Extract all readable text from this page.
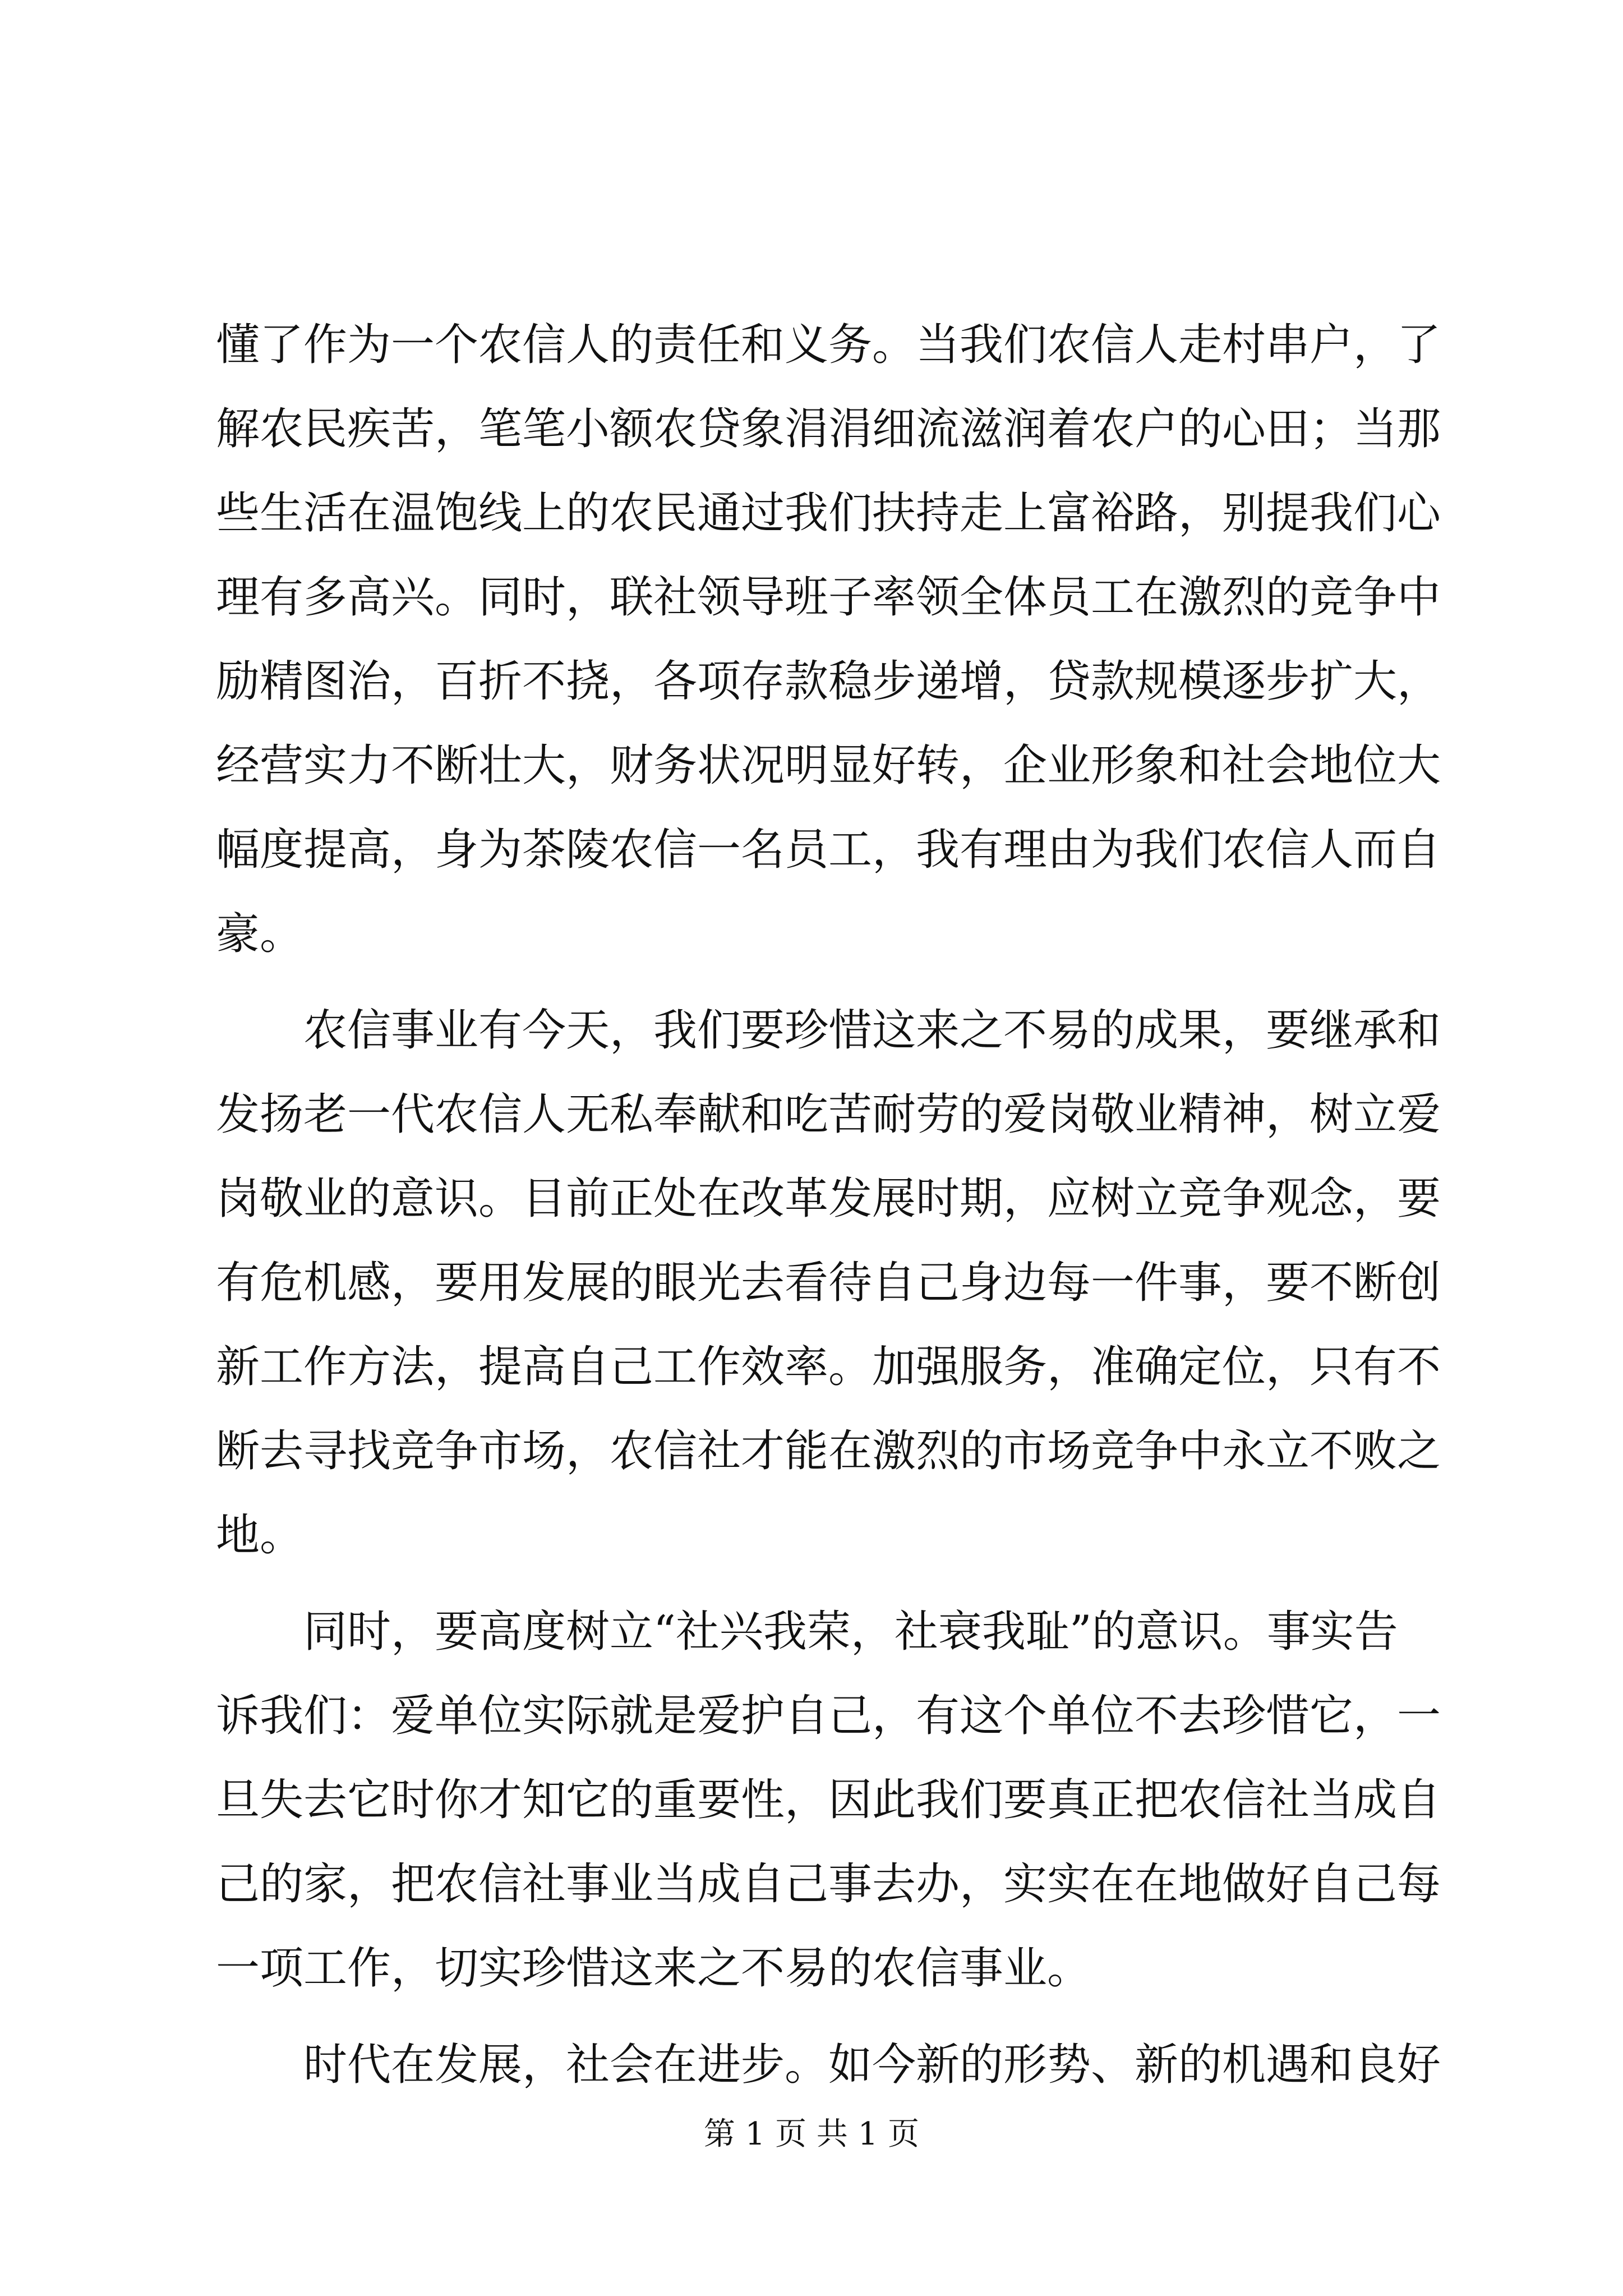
懂了作为一个农信人的责任和义务。当我们农信人走村串户，了
解农民疾苦，笔笔小额农贷象涓涓细流滋润着农户的心田；当那
些生活在温饱线上的农民通过我们扶持走上富裕路，别提我们心
理有多高兴。同时，联社领导班子率领全体员工在激烈的竞争中
励精图治，百折不挠，各项存款稳步递增，贷款规模逐步扩大，
经营实力不断壮大，财务状况明显好转，企业形象和社会地位大
幅度提高，身为茶陵农信一名员工，我有理由为我们农信人而自
豪。
　　农信事业有今天，我们要珍惜这来之不易的成果，要继承和
发扬老一代农信人无私奉献和吃苦耐劳的爱岗敬业精神，树立爱
岗敬业的意识。目前正处在改革发展时期，应树立竞争观念，要
有危机感，要用发展的眼光去看待自己身边每一件事，要不断创
新工作方法，提高自己工作效率。加强服务，准确定位，只有不
断去寻找竞争市场，农信社才能在激烈的市场竞争中永立不败之
地。
　　同时，要高度树立“社兴我荣，社衰我耻”的意识。事实告
诉我们：爱单位实际就是爱护自己，有这个单位不去珍惜它，一
旦失去它时你才知它的重要性，因此我们要真正把农信社当成自
己的家，把农信社事业当成自己事去办，实实在在地做好自己每
一项工作，切实珍惜这来之不易的农信事业。
　　时代在发展，社会在进步。如今新的形势、新的机遇和良好
第 1 页 共 1 页
